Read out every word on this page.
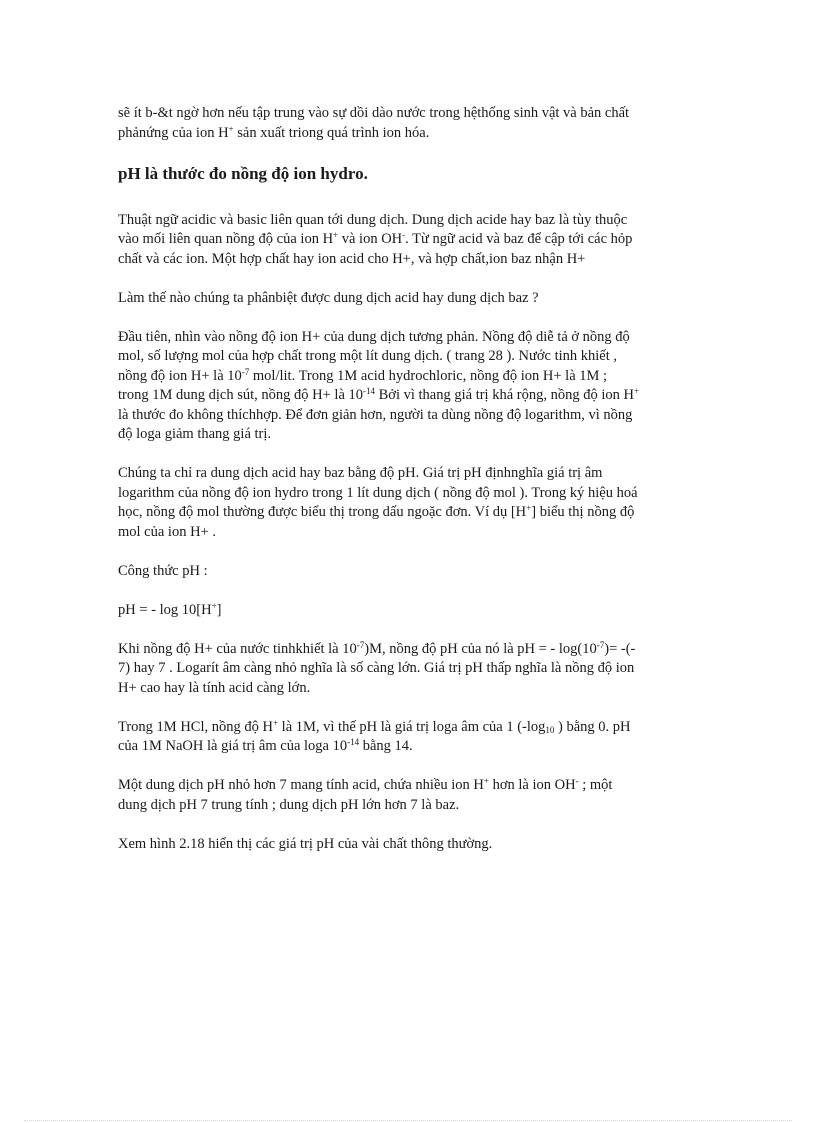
sẽ ít b-&t ngờ hơn nếu tập trung vào sự dồi dào nước trong hệthống sinh vật và bản chất
phảnứng của ion H+ sản xuất triong quá trình ion hóa.

pH là thước đo nồng độ ion hydro.

Thuật ngữ acidic và basic liên quan tới dung dịch. Dung dịch acide hay baz là tùy thuộc
vào mối liên quan nồng độ của ion H+ và ion OH-. Từ ngữ acid và baz để cập tới các hỏp
chất và các ion. Một hợp chất hay ion acid cho H+, và hợp chất,ion baz nhận H+

Làm thế nào chúng ta phânbiệt được dung dịch acid hay dung dịch baz ?

Đầu tiên, nhìn vào nồng độ ion H+ của dung dịch tương phản. Nồng độ diễ tả ở nồng độ
mol, số lượng mol của hợp chất trong một lít dung dịch. ( trang 28 ). Nước tinh khiết ,
nồng độ ion H+ là $10^{-7}$ mol/lit. Trong 1M acid hydrochloric, nồng độ ion H+ là 1M ;
trong 1M dung dịch sút, nồng độ H+ là $10^{-14}$ Bởi vì thang giá trị khá rộng, nồng độ ion H+
là thước đo không thíchhợp. Để đơn giản hơn, người ta dùng nồng độ logarithm, vì nồng
độ loga giảm thang giá trị.

Chúng ta chỉ ra dung dịch acid hay baz bằng độ pH. Giá trị pH địnhnghĩa giá trị âm
logarithm của nồng độ ion hydro trong 1 lít dung dịch ( nồng độ mol ). Trong ký hiệu hoá
học, nồng độ mol thường được biểu thị trong dấu ngoặc đơn. Ví dụ [H+] biểu thị nồng độ
mol của ion H+ .

Công thức pH :

pH = - log 10[H+]

Khi nồng độ H+ của nước tinhkhiết là $10^{-7})M$, nồng độ pH của nó là pH = - $\log(10^{-7})=$ -(-
7) hay 7 . Logarít âm càng nhỏ nghĩa là số càng lớn. Giá trị pH thấp nghĩa là nồng độ ion
H+ cao hay là tính acid càng lớn.

Trong 1M HCl, nồng độ H+ là 1M, vì thế pH là giá trị loga âm của 1 ($-\log_{10}$ ) bằng 0. pH
của 1M NaOH là giá trị âm của loga $10^{-14}$ bằng 14.

Một dung dịch pH nhỏ hơn 7 mang tính acid, chứa nhiều ion H+ hơn là ion OH- ; một
dung dịch pH 7 trung tính ; dung dịch pH lớn hơn 7 là baz.

Xem hình 2.18 hiển thị các giá trị pH của vài chất thông thường.
